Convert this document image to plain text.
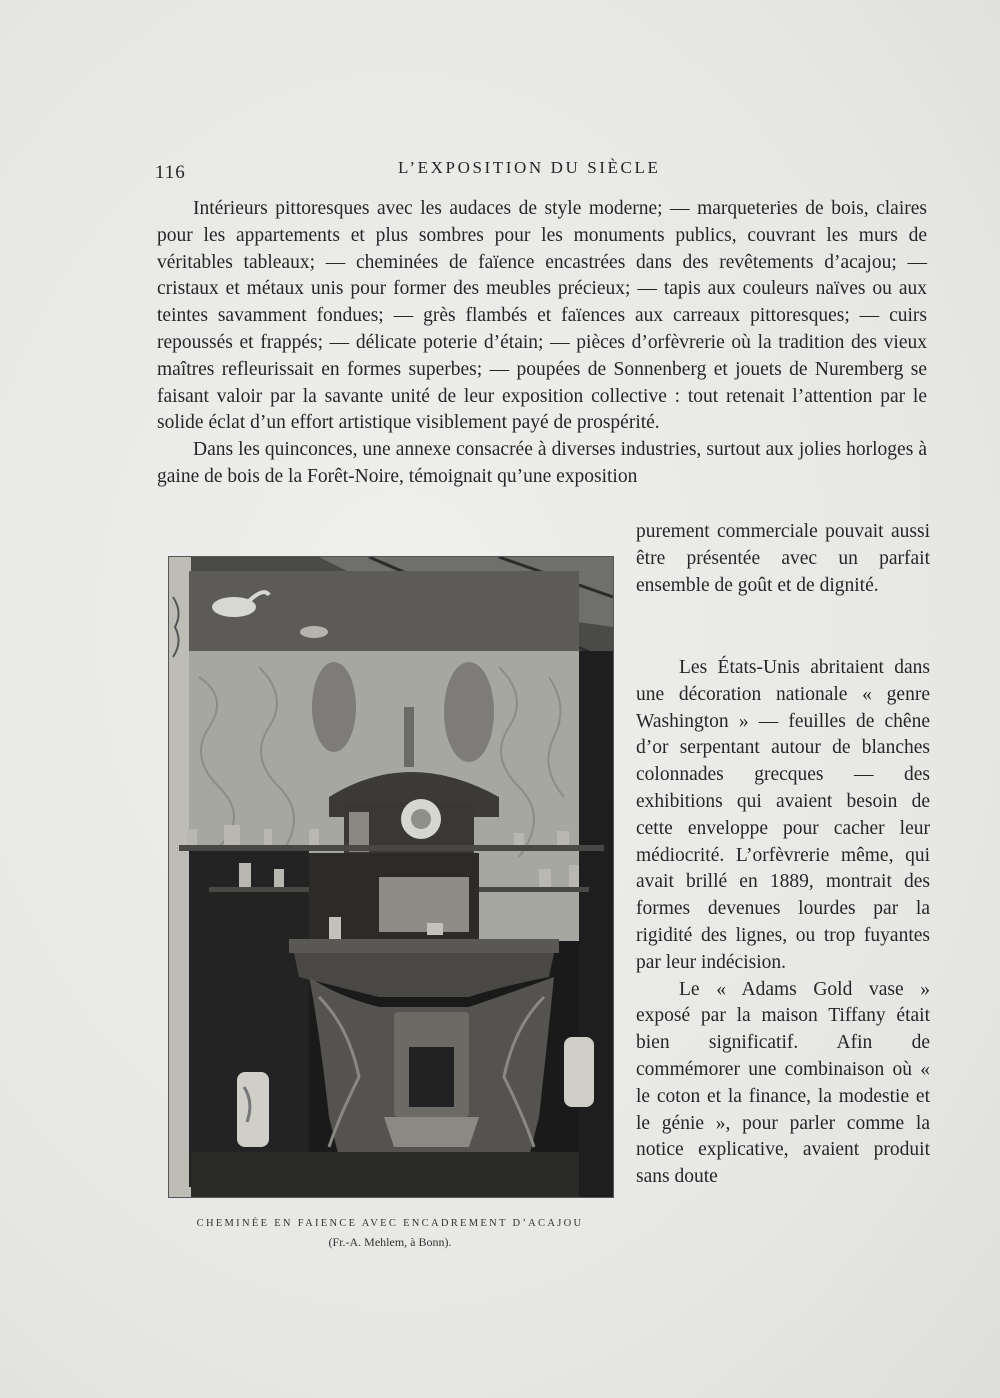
116	L’EXPOSITION DU SIÈCLE

Intérieurs pittoresques avec les audaces de style moderne; — marqueteries de bois, claires pour les appartements et plus sombres pour les monuments publics, couvrant les murs de véritables tableaux; — cheminées de faïence encastrées dans des revêtements d’acajou; — cristaux et métaux unis pour former des meubles précieux; — tapis aux couleurs naïves ou aux teintes savamment fondues; — grès flambés et faïences aux carreaux pittoresques; — cuirs repoussés et frappés; — délicate poterie d’étain; — pièces d’orfèvrerie où la tradition des vieux maîtres refleurissait en formes superbes; — poupées de Sonnenberg et jouets de Nuremberg se faisant valoir par la savante unité de leur exposition collective : tout retenait l’attention par le solide éclat d’un effort artistique visiblement payé de prospérité.

Dans les quinconces, une annexe consacrée à diverses industries, surtout aux jolies horloges à gaine de bois de la Forêt-Noire, témoignait qu’une exposition

purement commerciale pouvait aussi être présentée avec un parfait ensemble de goût et de dignité.

Les États-Unis abritaient dans une décoration nationale « genre Washington » — feuilles de chêne d’or serpentant autour de blanches colonnades grecques — des exhibitions qui avaient besoin de cette enveloppe pour cacher leur médiocrité. L’orfèvrerie même, qui avait brillé en 1889, montrait des formes devenues lourdes par la rigidité des lignes, ou trop fuyantes par leur indécision.

Le « Adams Gold vase » exposé par la maison Tiffany était bien significatif. Afin de commémorer une combinaison où « le coton et la finance, la modestie et le génie », pour parler comme la notice explicative, avaient produit sans doute

CHEMINÉE EN FAIENCE AVEC ENCADREMENT D’ACAJOU
(Fr.-A. Mehlem, à Bonn).
